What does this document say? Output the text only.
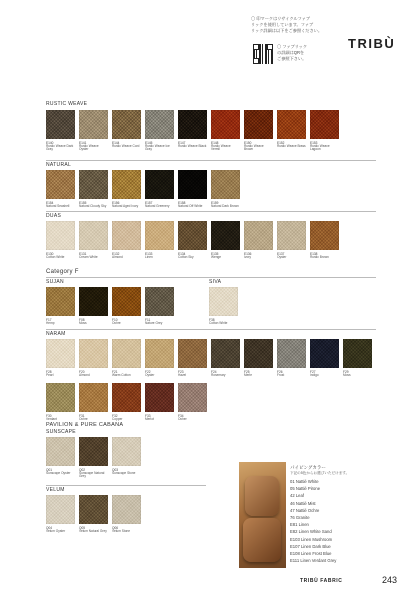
〇 印マークはリサイクルファブ
リックを使用しています。ファブ
リック詳細は以下をご参照ください。
〇 ファブリック
の詳細はQRを
ご参照下さい。
TRIBÙ
RUSTIC WEAVE
E140
Rustic Weave Dark Gray
E141
Rustic Weave Oyster
E144
Rustic Weave Cord
E145
Rustic Weave Ice Gray
E147
Rustic Weave Black
E148
Rustic Weave Vermil
E150
Rustic Weave Brown
E152
Rustic Weave Brass
E153
Rustic Weave Lagoon
NATURAL
E154
Natural Seashell
E155
Natural Cloudy Sky
E156
Natural Aged Ivory
E157
Natural Greenery
E158
Natural Off White
E159
Natural Dark Brown
DUAS
E130
Cotton White
E131
Cream White
E132
Almond
E133
Linen
E134
Cotton Sky
E135
Wenge
E136
Ivory
E137
Oyster
E138
Rustic Brown
Category F
SUJAN
F17
Hemp
F08
Moss
F10
Ochre
F11
Nature Grey
SIVA
F38
Cotton White
NARAM
F28
Pearl
F20
Almond
F21
Warm Cotton
F22
Oyster
F23
Hazel
F24
Rosemary
F25
Merle
F26
Frost
F27
Indigo
F29
Moss
F30
Verdant
F31
Ochre
F32
Copper
F33
Merlot
F34
Ocher
PAVILION & PURE CABANA
SUNSCAPE
Q01
Sunscape Oyster
Q02
Sunscape Natural Grey
Q03
Sunscape Stone
VELUM
Q04
Velum Oyster
Q05
Velum Natural Grey
Q06
Velum Stone
パイピングカラー
下記の5色からお選びいただけます。
01 Nattié White
05 Nattié Pirone
42 Leaf
46 Nattié Mist
47 Nattié Ochre
76 Granite
E81 Linen
E82 Linen White Sand
E103 Linen Mushroom
E107 Linen Dark Blue
E108 Linen Frost Blue
E111 Linen Verdant Grey
TRIBÙ FABRIC	243
